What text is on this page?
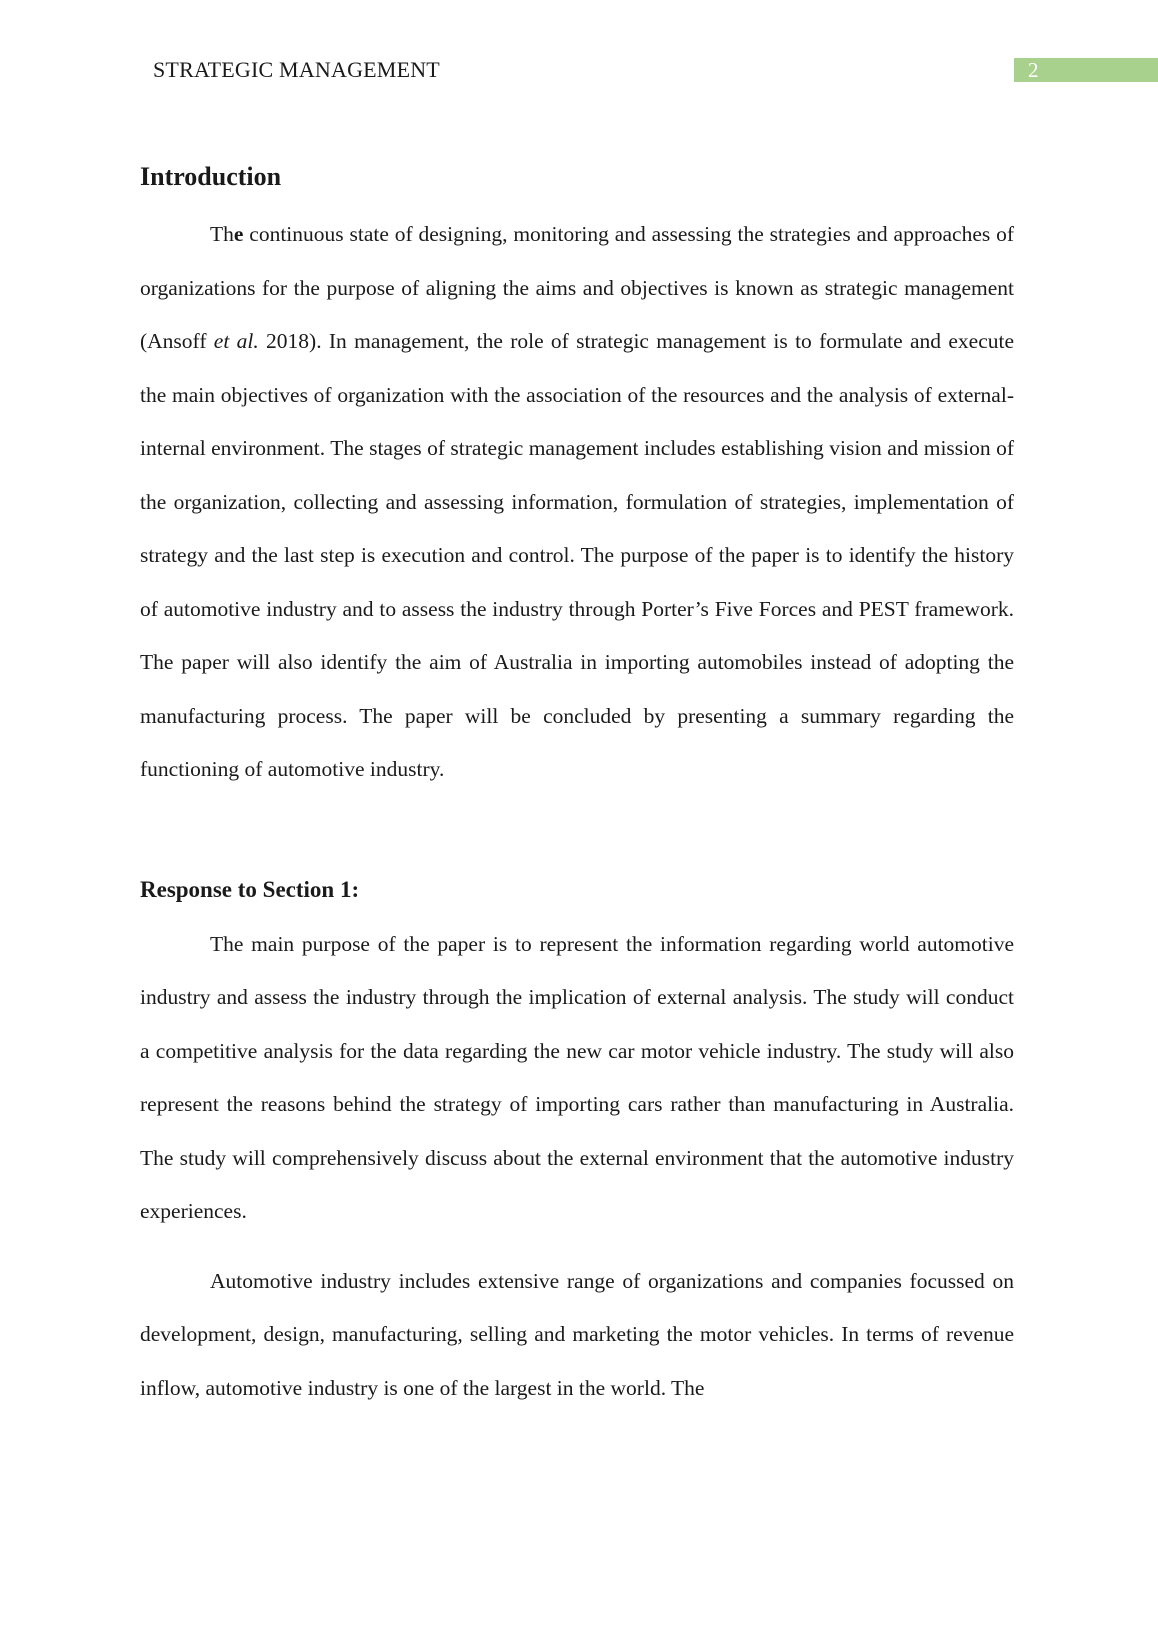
STRATEGIC MANAGEMENT	2
Introduction

The continuous state of designing, monitoring and assessing the strategies and approaches of organizations for the purpose of aligning the aims and objectives is known as strategic management (Ansoff et al. 2018). In management, the role of strategic management is to formulate and execute the main objectives of organization with the association of the resources and the analysis of external-internal environment. The stages of strategic management includes establishing vision and mission of the organization, collecting and assessing information, formulation of strategies, implementation of strategy and the last step is execution and control. The purpose of the paper is to identify the history of automotive industry and to assess the industry through Porter’s Five Forces and PEST framework. The paper will also identify the aim of Australia in importing automobiles instead of adopting the manufacturing process. The paper will be concluded by presenting a summary regarding the functioning of automotive industry.

Response to Section 1:

The main purpose of the paper is to represent the information regarding world automotive industry and assess the industry through the implication of external analysis. The study will conduct a competitive analysis for the data regarding the new car motor vehicle industry. The study will also represent the reasons behind the strategy of importing cars rather than manufacturing in Australia. The study will comprehensively discuss about the external environment that the automotive industry experiences.

Automotive industry includes extensive range of organizations and companies focussed on development, design, manufacturing, selling and marketing the motor vehicles. In terms of revenue inflow, automotive industry is one of the largest in the world. The
